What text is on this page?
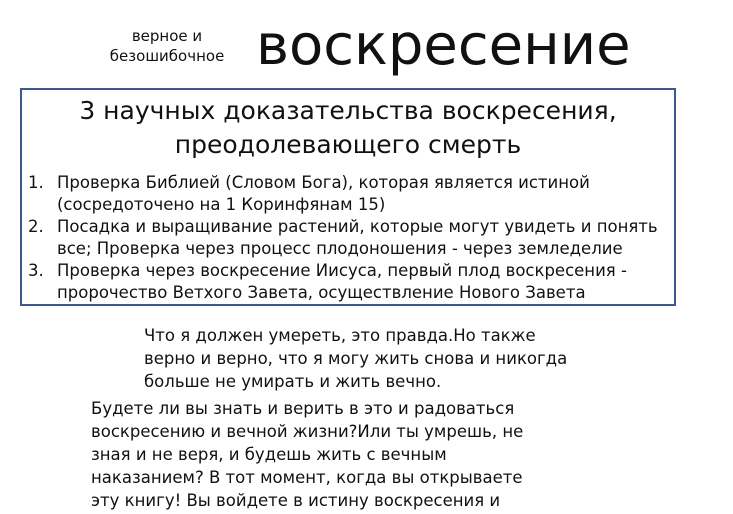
верное и
безошибочное воскресение
3 научных доказательства воскресения,
преодолевающего смерть
1. Проверка Библией (Словом Бога), которая является истиной
(сосредоточено на 1 Коринфянам 15)
2. Посадка и выращивание растений, которые могут увидеть и понять
все; Проверка через процесс плодоношения - через земледелие
3. Проверка через воскресение Иисуса, первый плод воскресения -
пророчество Ветхого Завета, осуществление Нового Завета
Что я должен умереть, это правда.Но также
верно и верно, что я могу жить снова и никогда
больше не умирать и жить вечно.
Будете ли вы знать и верить в это и радоваться
воскресению и вечной жизни?Или ты умрешь, не
зная и не веря, и будешь жить с вечным
наказанием? В тот момент, когда вы открываете
эту книгу! Вы войдете в истину воскресения и
